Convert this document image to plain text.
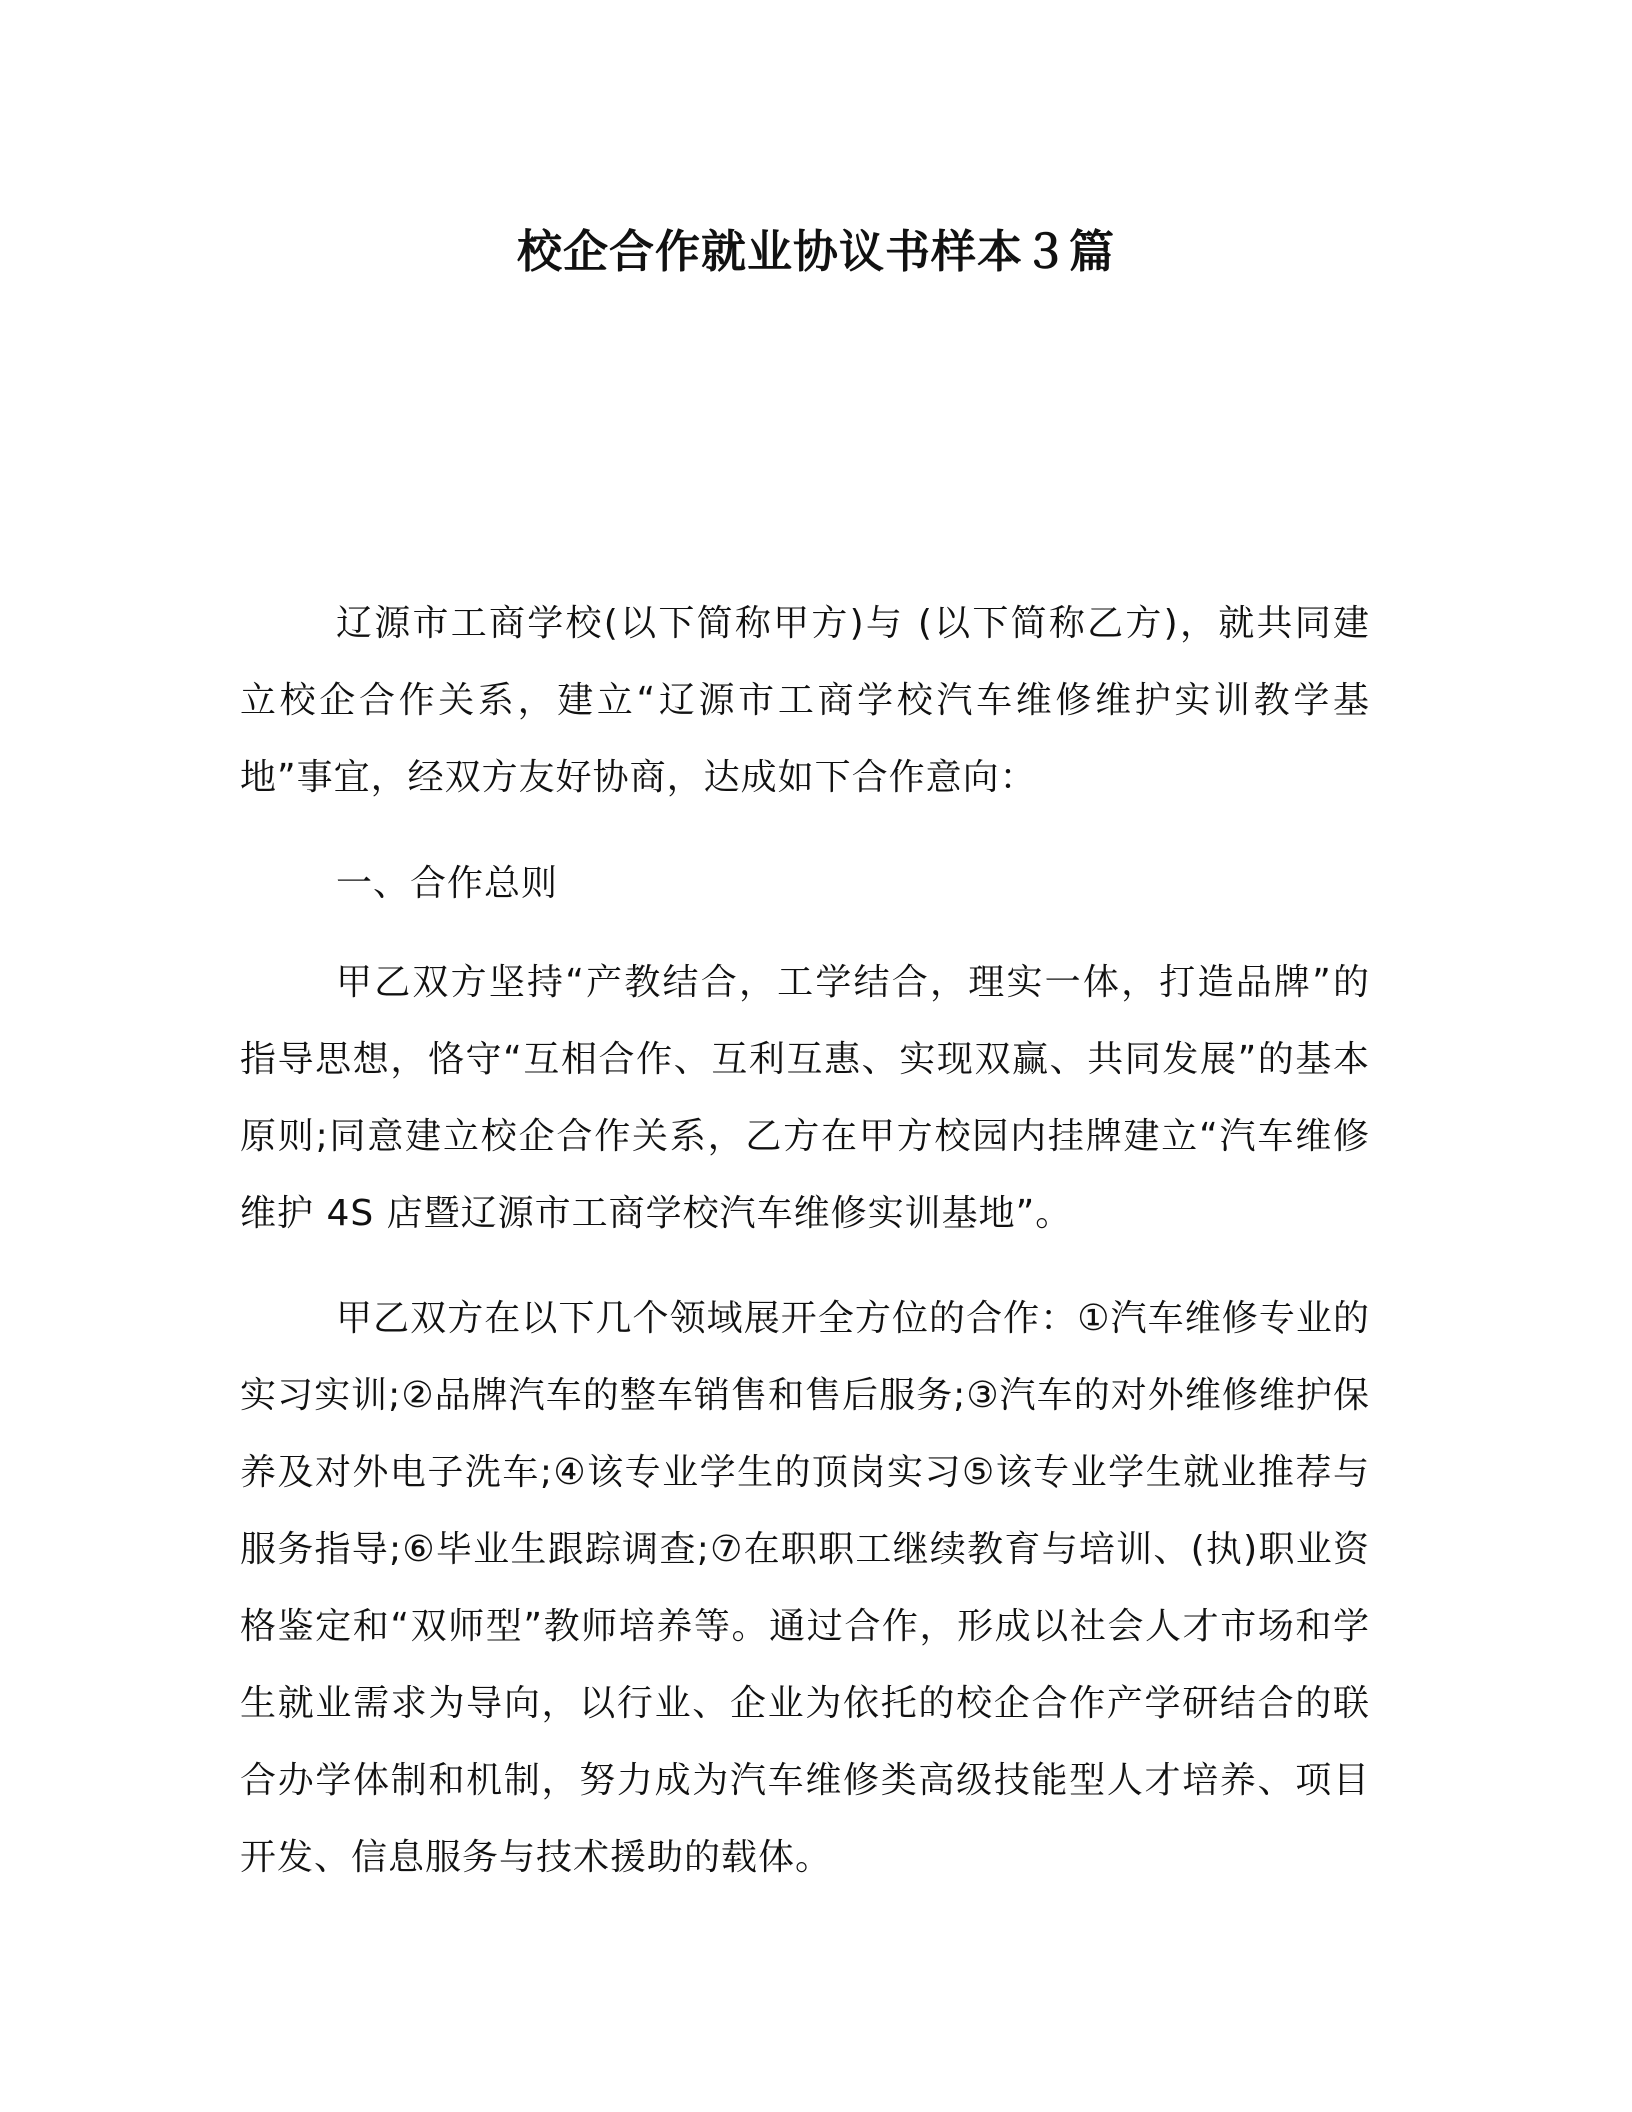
校企合作就业协议书样本３篇

辽源市工商学校(以下简称甲方)与 (以下简称乙方)，就共同建立校企合作关系，建立“辽源市工商学校汽车维修维护实训教学基地”事宜，经双方友好协商，达成如下合作意向：

一、合作总则

甲乙双方坚持“产教结合，工学结合，理实一体，打造品牌”的指导思想，恪守“互相合作、互利互惠、实现双赢、共同发展”的基本原则;同意建立校企合作关系，乙方在甲方校园内挂牌建立“汽车维修维护 4S 店暨辽源市工商学校汽车维修实训基地”。

甲乙双方在以下几个领域展开全方位的合作：①汽车维修专业的实习实训;②品牌汽车的整车销售和售后服务;③汽车的对外维修维护保养及对外电子洗车;④该专业学生的顶岗实习⑤该专业学生就业推荐与服务指导;⑥毕业生跟踪调查;⑦在职职工继续教育与培训、(执)职业资格鉴定和“双师型”教师培养等。通过合作，形成以社会人才市场和学生就业需求为导向，以行业、企业为依托的校企合作产学研结合的联合办学体制和机制，努力成为汽车维修类高级技能型人才培养、项目开发、信息服务与技术援助的载体。
